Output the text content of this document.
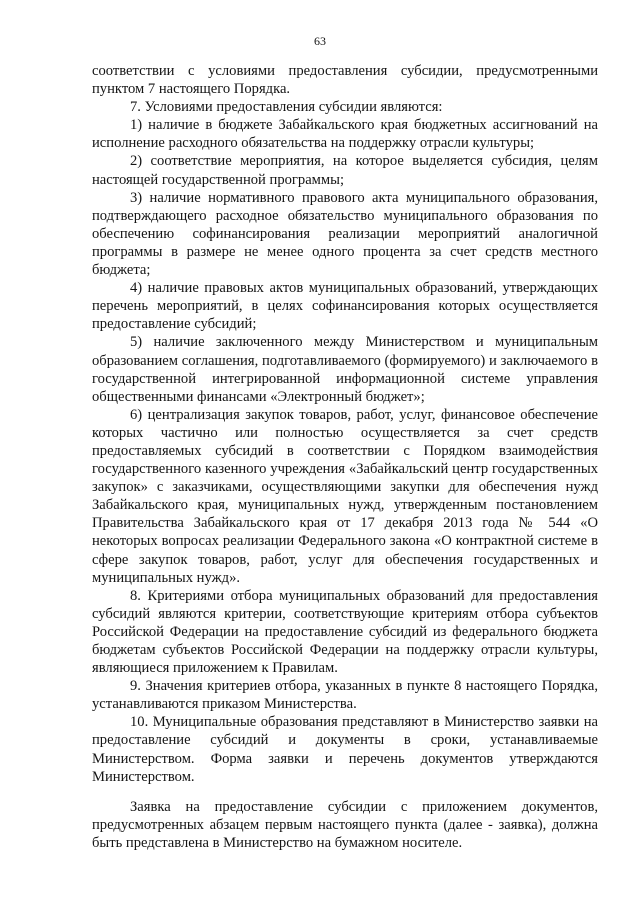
63

соответствии с условиями предоставления субсидии, предусмотренными пунктом 7 настоящего Порядка.

7. Условиями предоставления субсидии являются:

1) наличие в бюджете Забайкальского края бюджетных ассигнований на исполнение расходного обязательства на поддержку отрасли культуры;

2) соответствие мероприятия, на которое выделяется субсидия, целям настоящей государственной программы;

3) наличие нормативного правового акта муниципального образования, подтверждающего расходное обязательство муниципального образования по обеспечению софинансирования реализации мероприятий аналогичной программы в размере не менее одного процента за счет средств местного бюджета;

4) наличие правовых актов муниципальных образований, утверждающих перечень мероприятий, в целях софинансирования которых осуществляется предоставление субсидий;

5) наличие заключенного между Министерством и муниципальным образованием соглашения, подготавливаемого (формируемого) и заключаемого в государственной интегрированной информационной системе управления общественными финансами «Электронный бюджет»;

6) централизация закупок товаров, работ, услуг, финансовое обеспечение которых частично или полностью осуществляется за счет средств предоставляемых субсидий в соответствии с Порядком взаимодействия государственного казенного учреждения «Забайкальский центр государственных закупок» с заказчиками, осуществляющими закупки для обеспечения нужд Забайкальского края, муниципальных нужд, утвержденным постановлением Правительства Забайкальского края от 17 декабря 2013 года № 544 «О некоторых вопросах реализации Федерального закона «О контрактной системе в сфере закупок товаров, работ, услуг для обеспечения государственных и муниципальных нужд».

8. Критериями отбора муниципальных образований для предоставления субсидий являются критерии, соответствующие критериям отбора субъектов Российской Федерации на предоставление субсидий из федерального бюджета бюджетам субъектов Российской Федерации на поддержку отрасли культуры, являющиеся приложением к Правилам.

9. Значения критериев отбора, указанных в пункте 8 настоящего Порядка, устанавливаются приказом Министерства.

10. Муниципальные образования представляют в Министерство заявки на предоставление субсидий и документы в сроки, устанавливаемые Министерством. Форма заявки и перечень документов утверждаются Министерством.

Заявка на предоставление субсидии с приложением документов, предусмотренных абзацем первым настоящего пункта (далее - заявка), должна быть представлена в Министерство на бумажном носителе.
